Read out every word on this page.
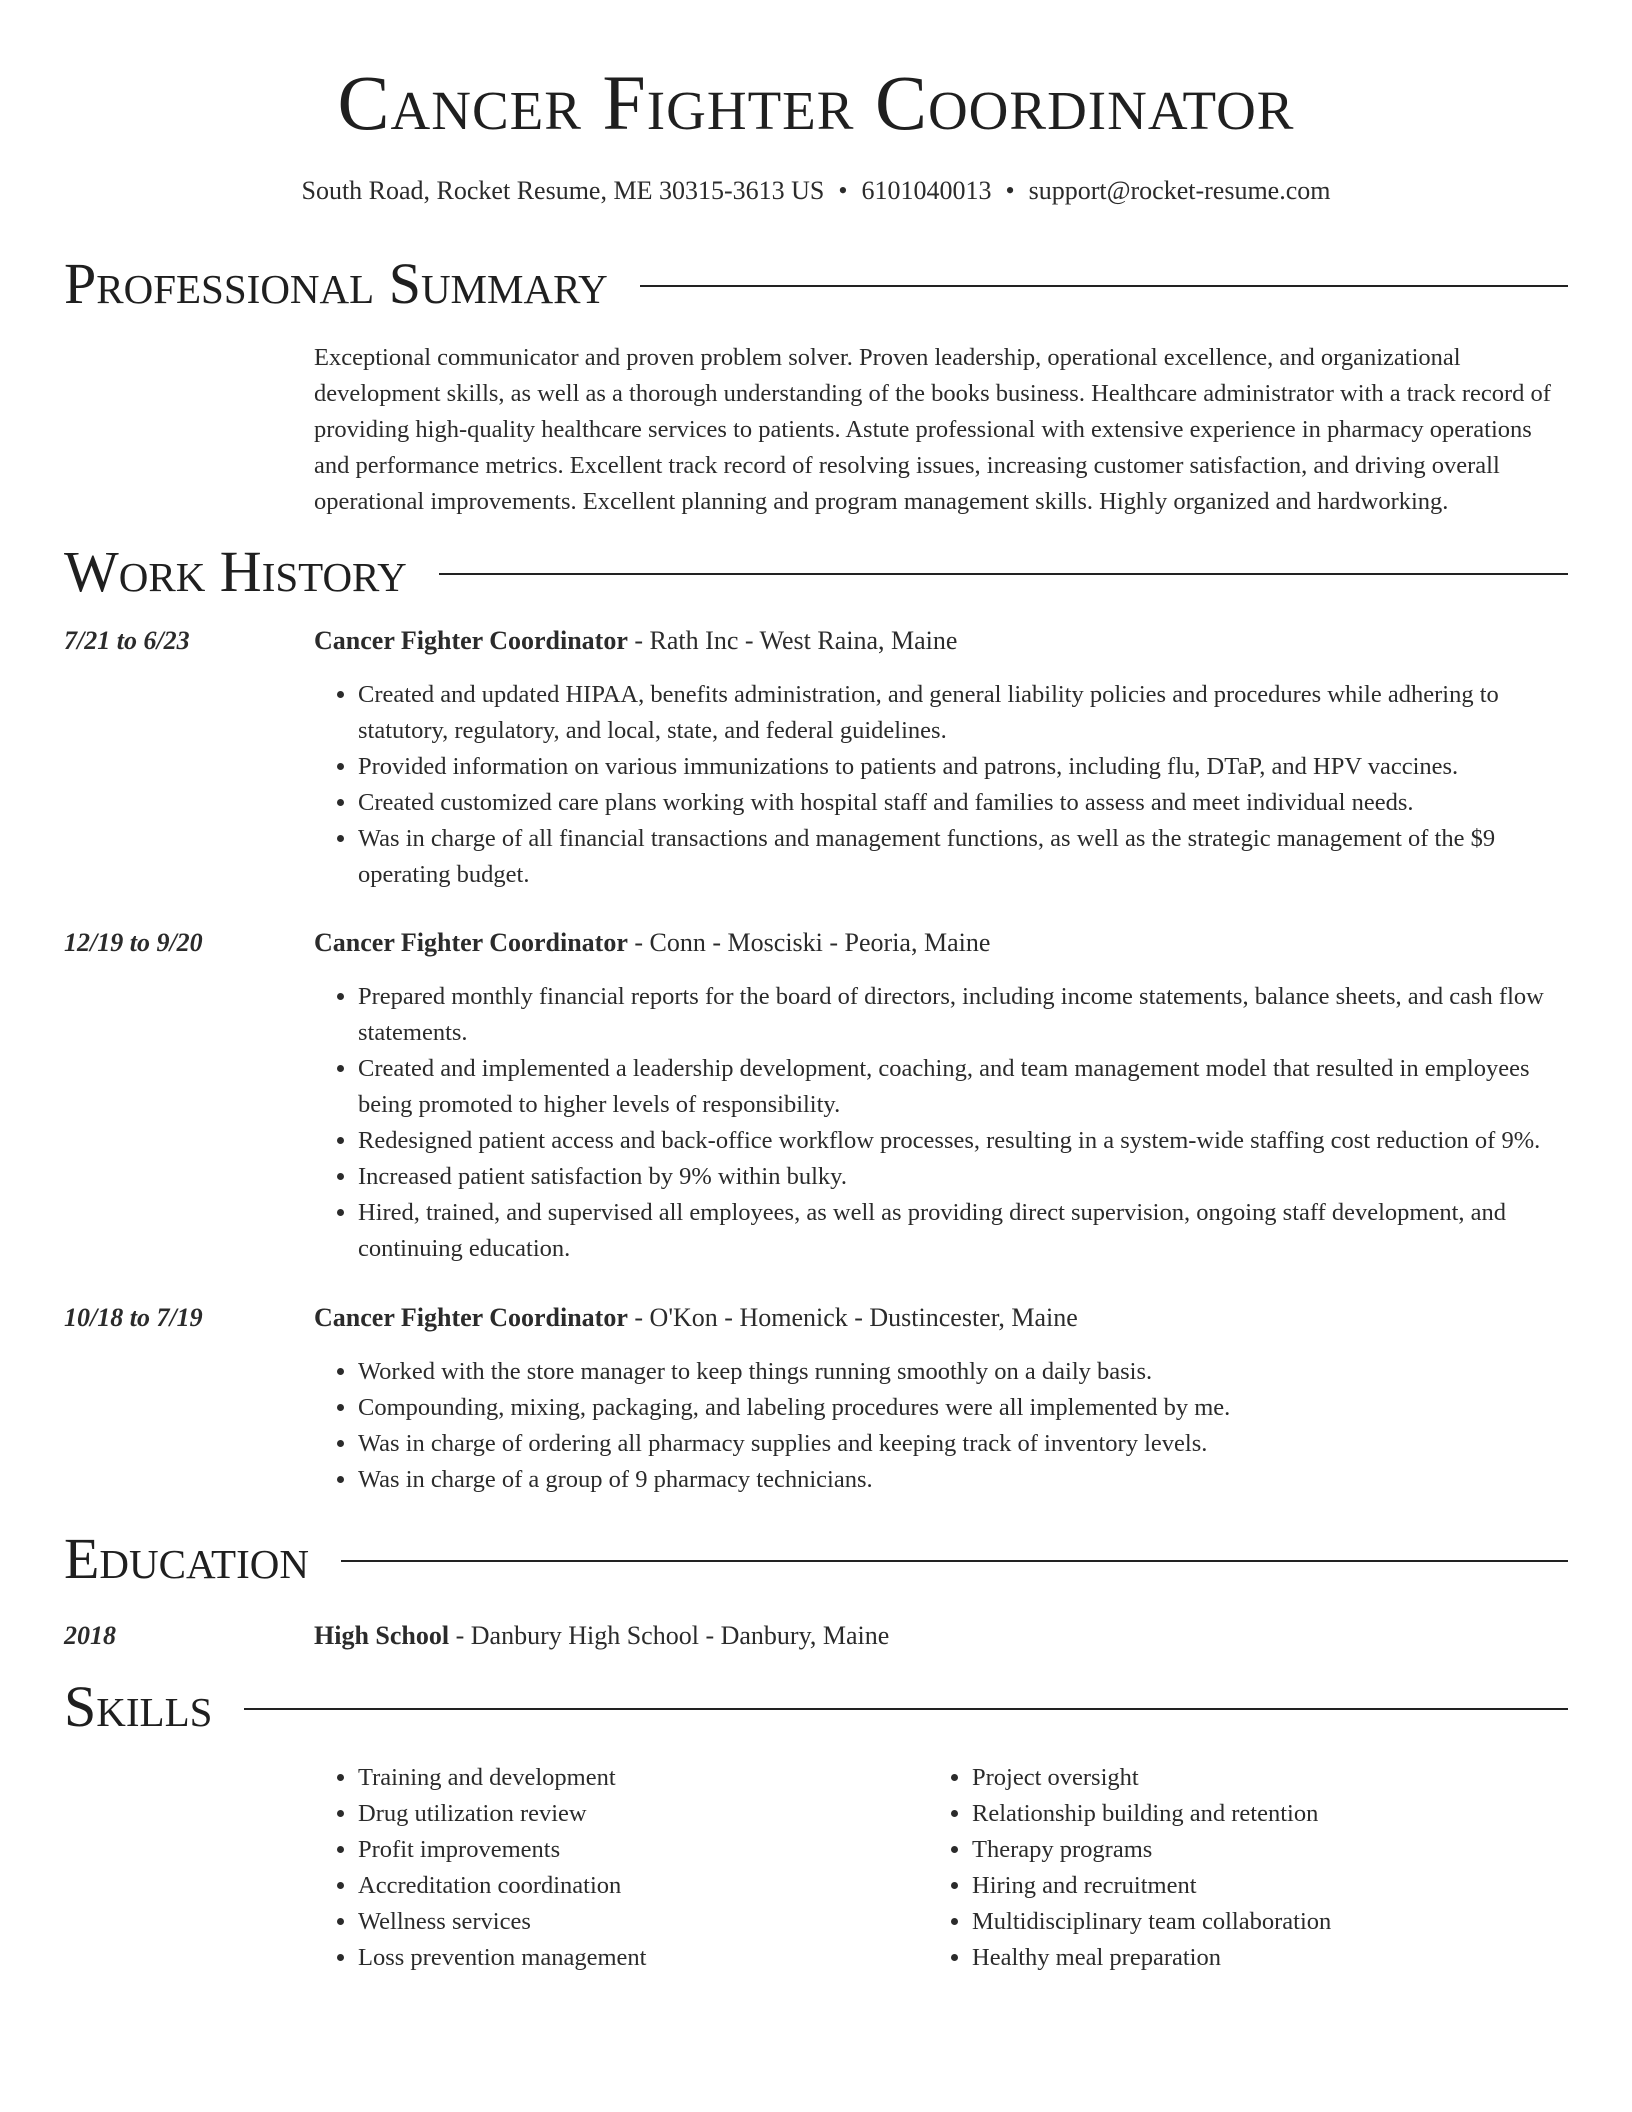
Cancer Fighter Coordinator
South Road, Rocket Resume, ME 30315-3613 US • 6101040013 • support@rocket-resume.com
Professional Summary
Exceptional communicator and proven problem solver. Proven leadership, operational excellence, and organizational development skills, as well as a thorough understanding of the books business. Healthcare administrator with a track record of providing high-quality healthcare services to patients. Astute professional with extensive experience in pharmacy operations and performance metrics. Excellent track record of resolving issues, increasing customer satisfaction, and driving overall operational improvements. Excellent planning and program management skills. Highly organized and hardworking.
Work History
7/21 to 6/23	Cancer Fighter Coordinator - Rath Inc - West Raina, Maine
• Created and updated HIPAA, benefits administration, and general liability policies and procedures while adhering to statutory, regulatory, and local, state, and federal guidelines.
• Provided information on various immunizations to patients and patrons, including flu, DTaP, and HPV vaccines.
• Created customized care plans working with hospital staff and families to assess and meet individual needs.
• Was in charge of all financial transactions and management functions, as well as the strategic management of the $9 operating budget.
12/19 to 9/20	Cancer Fighter Coordinator - Conn - Mosciski - Peoria, Maine
• Prepared monthly financial reports for the board of directors, including income statements, balance sheets, and cash flow statements.
• Created and implemented a leadership development, coaching, and team management model that resulted in employees being promoted to higher levels of responsibility.
• Redesigned patient access and back-office workflow processes, resulting in a system-wide staffing cost reduction of 9%.
• Increased patient satisfaction by 9% within bulky.
• Hired, trained, and supervised all employees, as well as providing direct supervision, ongoing staff development, and continuing education.
10/18 to 7/19	Cancer Fighter Coordinator - O'Kon - Homenick - Dustincester, Maine
• Worked with the store manager to keep things running smoothly on a daily basis.
• Compounding, mixing, packaging, and labeling procedures were all implemented by me.
• Was in charge of ordering all pharmacy supplies and keeping track of inventory levels.
• Was in charge of a group of 9 pharmacy technicians.
Education
2018	High School - Danbury High School - Danbury, Maine
Skills
• Training and development
• Drug utilization review
• Profit improvements
• Accreditation coordination
• Wellness services
• Loss prevention management
• Project oversight
• Relationship building and retention
• Therapy programs
• Hiring and recruitment
• Multidisciplinary team collaboration
• Healthy meal preparation
